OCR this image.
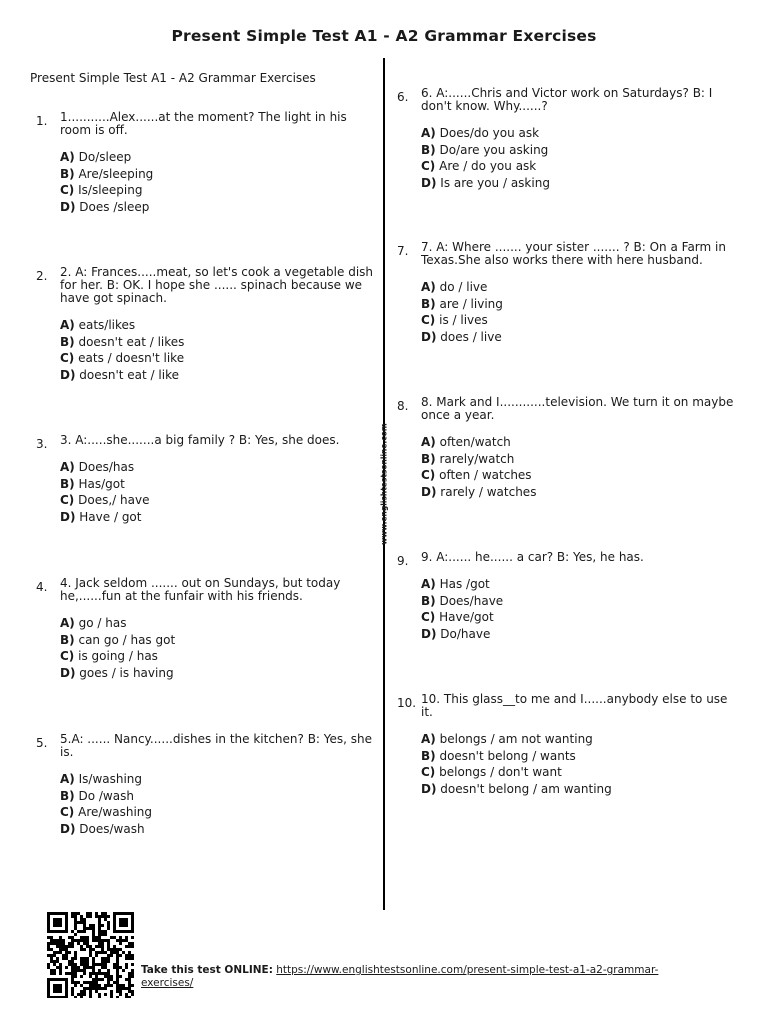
Present Simple Test A1 - A2 Grammar Exercises
Present Simple Test A1 - A2 Grammar Exercises
www.englishtestsonline.com
1.	1...........Alex......at the moment? The light in his room is off.
A) Do/sleep
B) Are/sleeping
C) Is/sleeping
D) Does /sleep
2.	2. A: Frances.....meat, so let's cook a vegetable dish for her. B: OK. I hope she ...... spinach because we have got spinach.
A) eats/likes
B) doesn't eat / likes
C) eats / doesn't like
D) doesn't eat / like
3.	3. A:.....she.......a big family ? B: Yes, she does.
A) Does/has
B) Has/got
C) Does,/ have
D) Have / got
4.	4. Jack seldom ....... out on Sundays, but today he,......fun at the funfair with his friends.
A) go / has
B) can go / has got
C) is going / has
D) goes / is having
5.	5.A: ...... Nancy......dishes in the kitchen? B: Yes, she is.
A) Is/washing
B) Do /wash
C) Are/washing
D) Does/wash
6.	6. A:......Chris and Victor work on Saturdays? B: I don't know. Why......?
A) Does/do you ask
B) Do/are you asking
C) Are / do you ask
D) Is are you / asking
7.	7. A: Where ....... your sister ....... ? B: On a Farm in Texas.She also works there with here husband.
A) do / live
B) are / living
C) is / lives
D) does / live
8.	8. Mark and I............television. We turn it on maybe once a year.
A) often/watch
B) rarely/watch
C) often / watches
D) rarely / watches
9.	9. A:...... he...... a car? B: Yes, he has.
A) Has /got
B) Does/have
C) Have/got
D) Do/have
10. 10. This glass__to me and I......anybody else to use it.
A) belongs / am not wanting
B) doesn't belong / wants
C) belongs / don't want
D) doesn't belong / am wanting
Take this test ONLINE: https://www.englishtestsonline.com/present-simple-test-a1-a2-grammar-exercises/
